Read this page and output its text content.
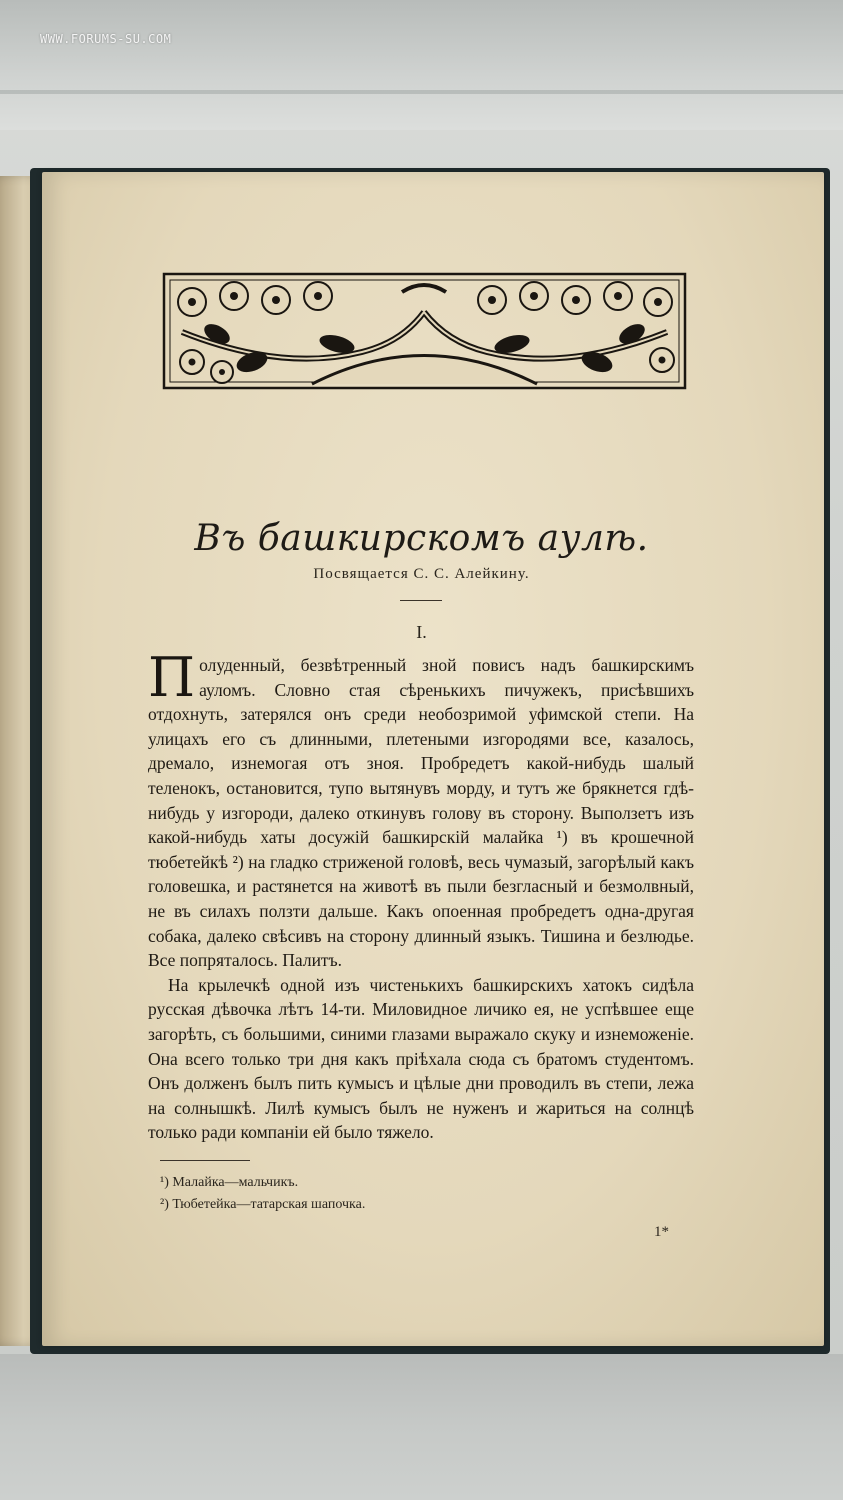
WWW.FORUMS-SU.COM
Въ башкирскомъ аулѣ.

Посвящается С. С. Алейкину.

I.

Полуденный, безвѣтренный зной повисъ надъ башкирскимъ ауломъ. Словно стая сѣренькихъ пичужекъ, присѣвшихъ отдохнуть, затерялся онъ среди необозримой уфимской степи. На улицахъ его съ длинными, плетеными изгородями все, казалось, дремало, изнемогая отъ зноя. Пробредетъ какой-нибудь шалый теленокъ, остановится, тупо вытянувъ морду, и тутъ же брякнется гдѣ-нибудь у изгороди, далеко откинувъ голову въ сторону. Выползетъ изъ какой-нибудь хаты досужій башкирскій малайка ¹) въ крошечной тюбетейкѣ ²) на гладко стриженой головѣ, весь чумазый, загорѣлый какъ головешка, и растянется на животѣ въ пыли безгласный и безмолвный, не въ силахъ ползти дальше. Какъ опоенная пробредетъ одна-другая собака, далеко свѣсивъ на сторону длинный языкъ. Тишина и безлюдье. Все попряталось. Палитъ.

На крылечкѣ одной изъ чистенькихъ башкирскихъ хатокъ сидѣла русская дѣвочка лѣтъ 14-ти. Миловидное личико ея, не успѣвшее еще загорѣть, съ большими, синими глазами выражало скуку и изнеможеніе. Она всего только три дня какъ пріѣхала сюда съ братомъ студентомъ. Онъ долженъ былъ пить кумысъ и цѣлые дни проводилъ въ степи, лежа на солнышкѣ. Лилѣ кумысъ былъ не нуженъ и жариться на солнцѣ только ради компаніи ей было тяжело.

¹) Малайка—мальчикъ.
²) Тюбетейка—татарская шапочка.
1*
